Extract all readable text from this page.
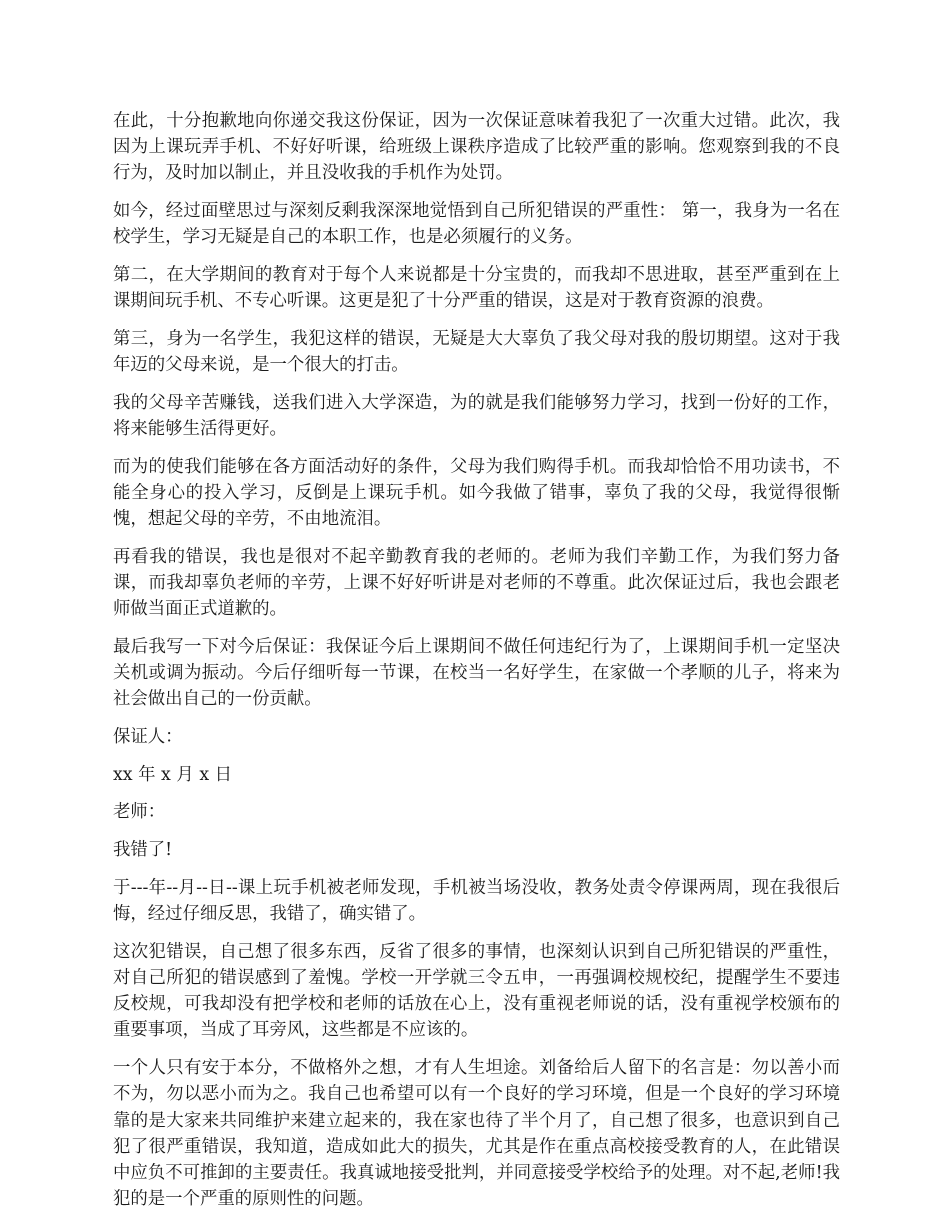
在此，十分抱歉地向你递交我这份保证，因为一次保证意味着我犯了一次重大过错。此次，我因为上课玩弄手机、不好好听课，给班级上课秩序造成了比较严重的影响。您观察到我的不良行为，及时加以制止，并且没收我的手机作为处罚。

如今，经过面壁思过与深刻反剩我深深地觉悟到自己所犯错误的严重性： 第一，我身为一名在校学生，学习无疑是自己的本职工作，也是必须履行的义务。

第二，在大学期间的教育对于每个人来说都是十分宝贵的，而我却不思进取，甚至严重到在上课期间玩手机、不专心听课。这更是犯了十分严重的错误，这是对于教育资源的浪费。

第三，身为一名学生，我犯这样的错误，无疑是大大辜负了我父母对我的殷切期望。这对于我年迈的父母来说，是一个很大的打击。

我的父母辛苦赚钱，送我们进入大学深造，为的就是我们能够努力学习，找到一份好的工作，将来能够生活得更好。

而为的使我们能够在各方面活动好的条件，父母为我们购得手机。而我却恰恰不用功读书，不能全身心的投入学习，反倒是上课玩手机。如今我做了错事，辜负了我的父母，我觉得很惭愧，想起父母的辛劳，不由地流泪。

再看我的错误，我也是很对不起辛勤教育我的老师的。老师为我们辛勤工作，为我们努力备课，而我却辜负老师的辛劳，上课不好好听讲是对老师的不尊重。此次保证过后，我也会跟老师做当面正式道歉的。

最后我写一下对今后保证：我保证今后上课期间不做任何违纪行为了，上课期间手机一定坚决关机或调为振动。今后仔细听每一节课，在校当一名好学生，在家做一个孝顺的儿子，将来为社会做出自己的一份贡献。

保证人：

xx 年 x 月 x 日

老师：

我错了!

于---年--月--日--课上玩手机被老师发现，手机被当场没收，教务处责令停课两周，现在我很后悔，经过仔细反思，我错了，确实错了。

这次犯错误，自己想了很多东西，反省了很多的事情，也深刻认识到自己所犯错误的严重性，对自己所犯的错误感到了羞愧。学校一开学就三令五申，一再强调校规校纪，提醒学生不要违反校规，可我却没有把学校和老师的话放在心上，没有重视老师说的话，没有重视学校颁布的重要事项，当成了耳旁风，这些都是不应该的。

一个人只有安于本分，不做格外之想，才有人生坦途。刘备给后人留下的名言是：勿以善小而不为，勿以恶小而为之。我自己也希望可以有一个良好的学习环境，但是一个良好的学习环境靠的是大家来共同维护来建立起来的，我在家也待了半个月了，自己想了很多，也意识到自己犯了很严重错误，我知道，造成如此大的损失，尤其是作在重点高校接受教育的人，在此错误中应负不可推卸的主要责任。我真诚地接受批判，并同意接受学校给予的处理。对不起,老师!我犯的是一个严重的原则性的问题。
